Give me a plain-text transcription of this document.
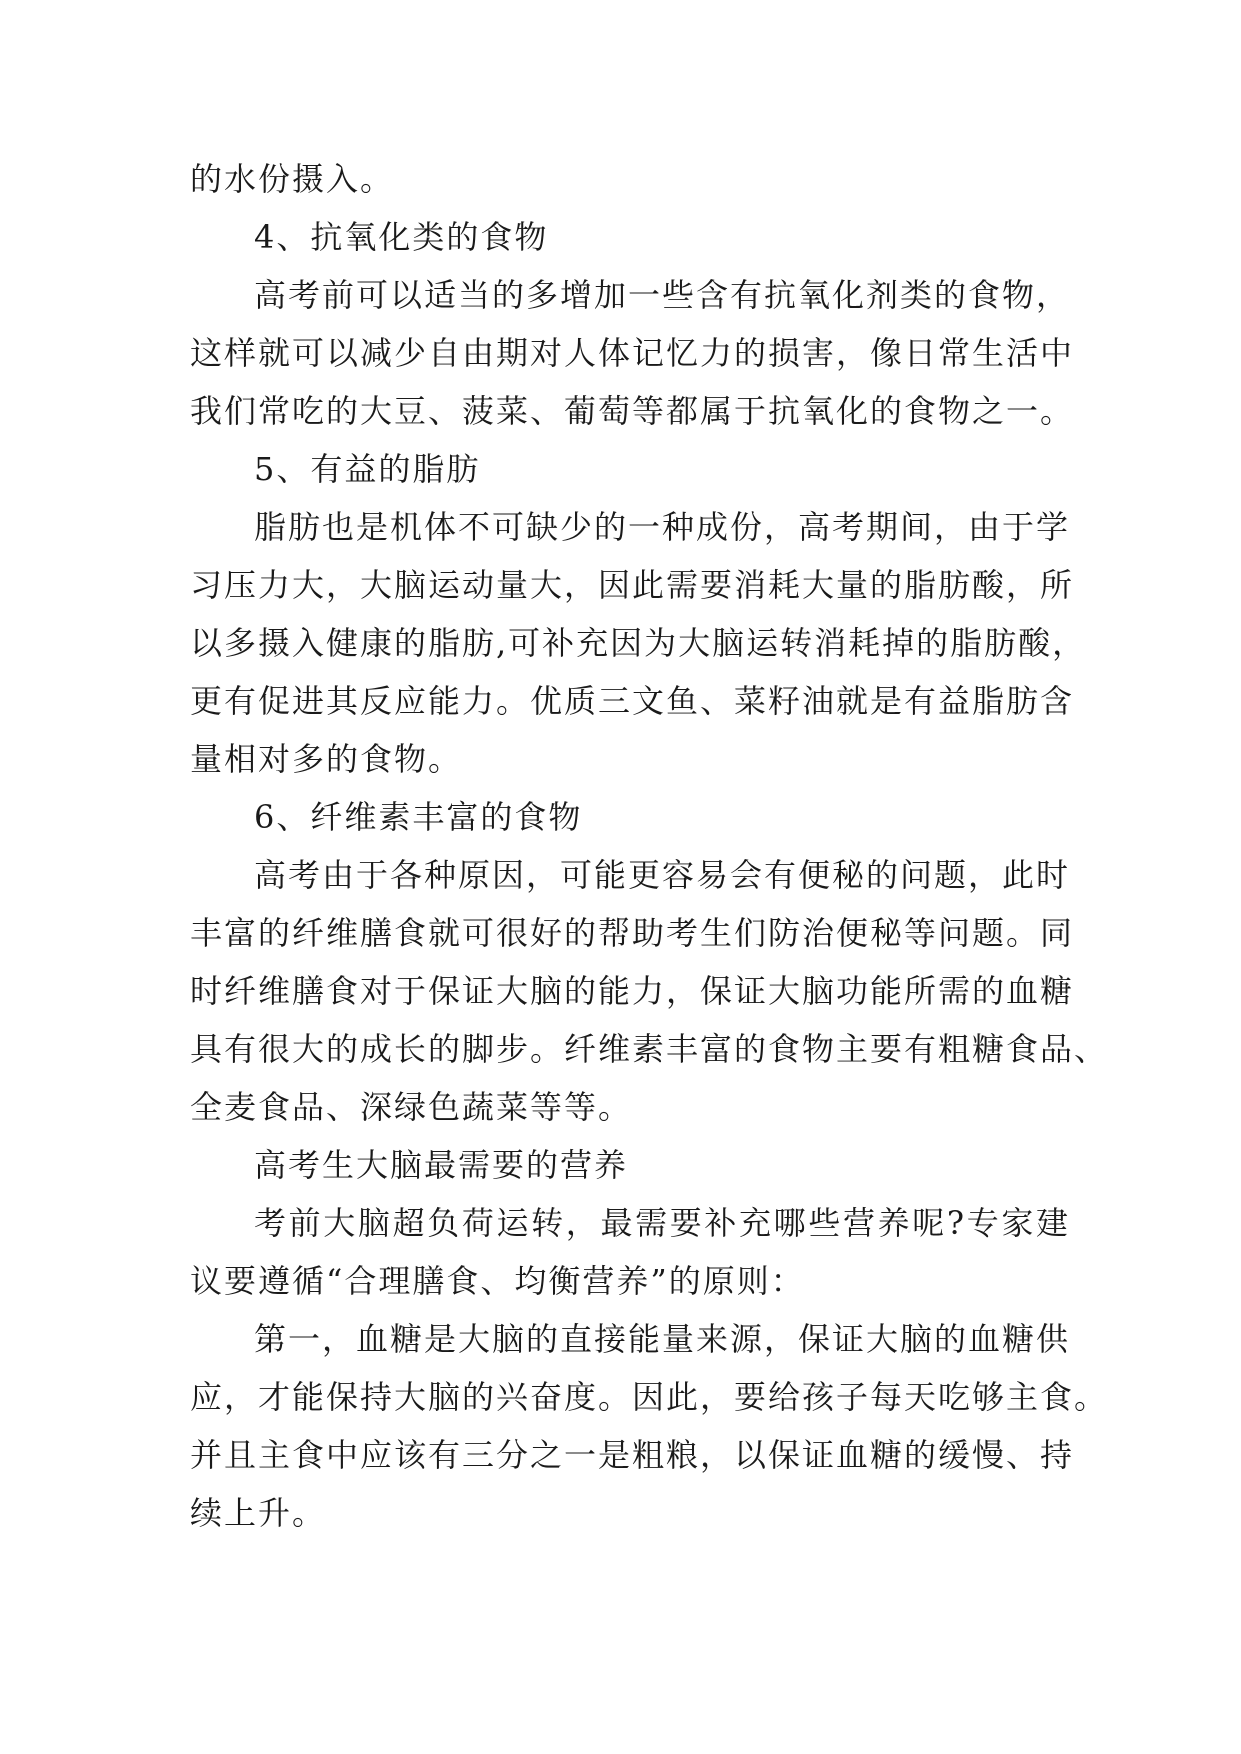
的水份摄入。
4、抗氧化类的食物
高考前可以适当的多增加一些含有抗氧化剂类的食物，
这样就可以减少自由期对人体记忆力的损害，像日常生活中
我们常吃的大豆、菠菜、葡萄等都属于抗氧化的食物之一。
5、有益的脂肪
脂肪也是机体不可缺少的一种成份，高考期间，由于学
习压力大，大脑运动量大，因此需要消耗大量的脂肪酸，所
以多摄入健康的脂肪,可补充因为大脑运转消耗掉的脂肪酸，
更有促进其反应能力。优质三文鱼、菜籽油就是有益脂肪含
量相对多的食物。
6、纤维素丰富的食物
高考由于各种原因，可能更容易会有便秘的问题，此时
丰富的纤维膳食就可很好的帮助考生们防治便秘等问题。同
时纤维膳食对于保证大脑的能力，保证大脑功能所需的血糖
具有很大的成长的脚步。纤维素丰富的食物主要有粗糖食品、
全麦食品、深绿色蔬菜等等。
高考生大脑最需要的营养
考前大脑超负荷运转，最需要补充哪些营养呢?专家建
议要遵循“合理膳食、均衡营养”的原则：
第一，血糖是大脑的直接能量来源，保证大脑的血糖供
应，才能保持大脑的兴奋度。因此，要给孩子每天吃够主食。
并且主食中应该有三分之一是粗粮，以保证血糖的缓慢、持
续上升。
